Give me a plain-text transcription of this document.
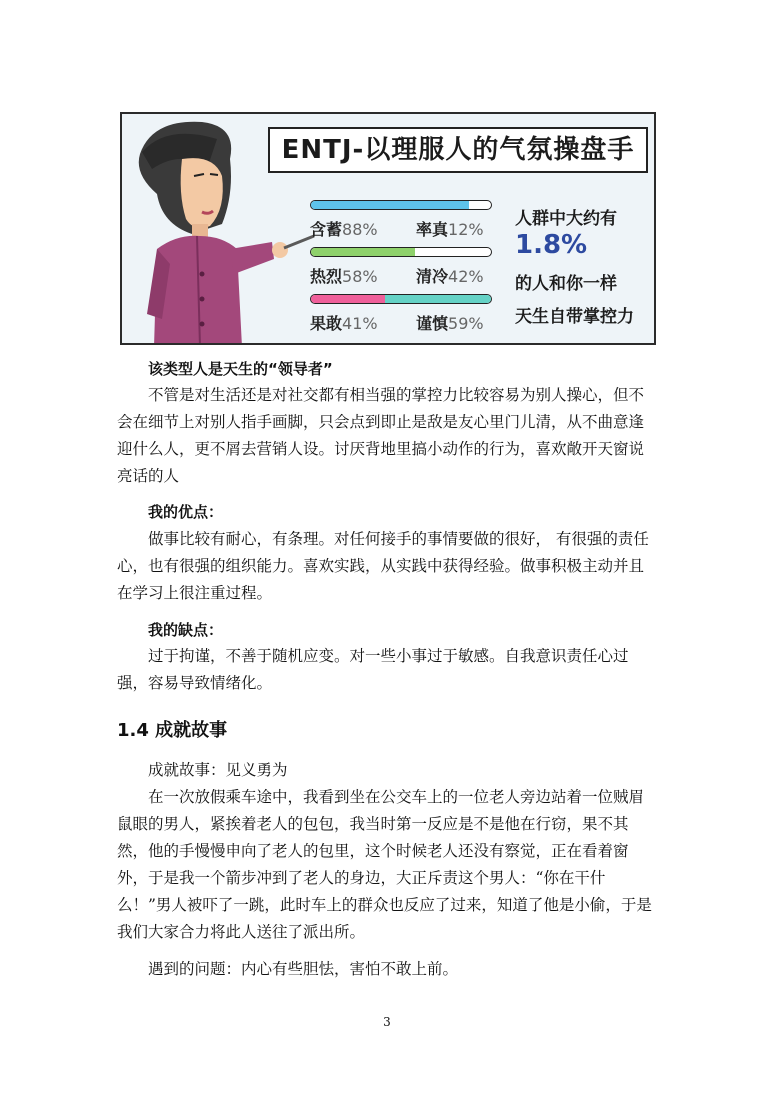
ENTJ-以理服人的气氛操盘手
含蓄88% 率真12%
热烈58% 清冷42%
果敢41% 谨慎59%
人群中大约有
1.8%
的人和你一样
天生自带掌控力
该类型人是天生的“领导者”
不管是对生活还是对社交都有相当强的掌控力比较容易为别人操心，但不会在细节上对别人指手画脚，只会点到即止是敌是友心里门儿清，从不曲意逢迎什么人，更不屑去营销人设。讨厌背地里搞小动作的行为，喜欢敞开天窗说亮话的人
我的优点：
做事比较有耐心，有条理。对任何接手的事情要做的很好， 有很强的责任心，也有很强的组织能力。喜欢实践，从实践中获得经验。做事积极主动并且在学习上很注重过程。
我的缺点：
过于拘谨，不善于随机应变。对一些小事过于敏感。自我意识责任心过强，容易导致情绪化。
1.4 成就故事
成就故事：见义勇为
在一次放假乘车途中，我看到坐在公交车上的一位老人旁边站着一位贼眉鼠眼的男人，紧挨着老人的包包，我当时第一反应是不是他在行窃，果不其然，他的手慢慢申向了老人的包里，这个时候老人还没有察觉，正在看着窗外，于是我一个箭步冲到了老人的身边，大正斥责这个男人：“你在干什么！”男人被吓了一跳，此时车上的群众也反应了过来，知道了他是小偷，于是我们大家合力将此人送往了派出所。
遇到的问题：内心有些胆怯，害怕不敢上前。
3
